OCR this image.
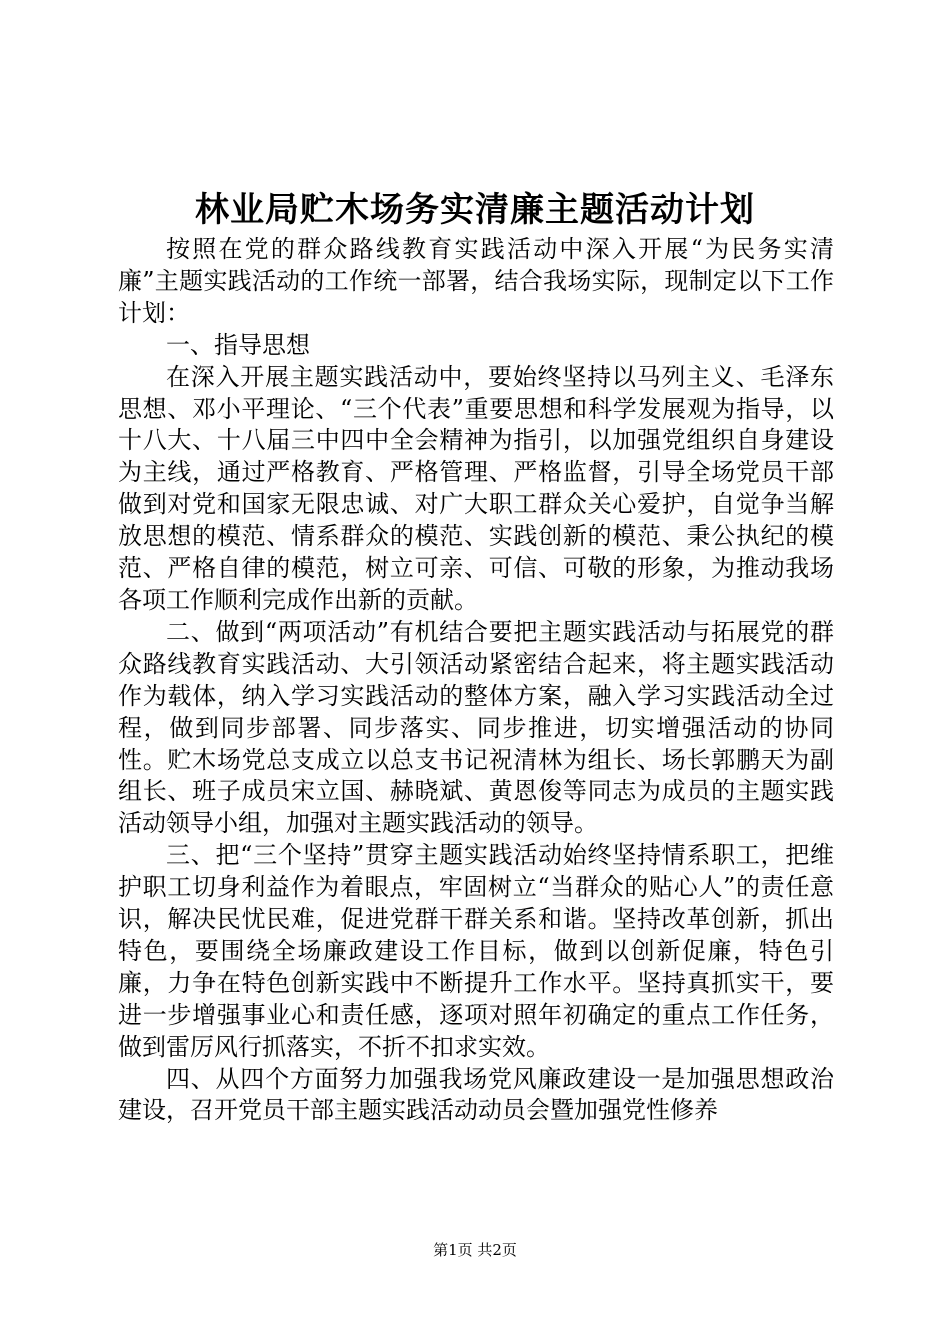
林业局贮木场务实清廉主题活动计划

按照在党的群众路线教育实践活动中深入开展“为民务实清廉”主题实践活动的工作统一部署，结合我场实际，现制定以下工作计划：

一、指导思想

在深入开展主题实践活动中，要始终坚持以马列主义、毛泽东思想、邓小平理论、“三个代表”重要思想和科学发展观为指导，以十八大、十八届三中四中全会精神为指引，以加强党组织自身建设为主线，通过严格教育、严格管理、严格监督，引导全场党员干部做到对党和国家无限忠诚、对广大职工群众关心爱护，自觉争当解放思想的模范、情系群众的模范、实践创新的模范、秉公执纪的模范、严格自律的模范，树立可亲、可信、可敬的形象，为推动我场各项工作顺利完成作出新的贡献。

二、做到“两项活动”有机结合要把主题实践活动与拓展党的群众路线教育实践活动、大引领活动紧密结合起来，将主题实践活动作为载体，纳入学习实践活动的整体方案，融入学习实践活动全过程，做到同步部署、同步落实、同步推进，切实增强活动的协同性。贮木场党总支成立以总支书记祝清林为组长、场长郭鹏天为副组长、班子成员宋立国、赫晓斌、黄恩俊等同志为成员的主题实践活动领导小组，加强对主题实践活动的领导。

三、把“三个坚持”贯穿主题实践活动始终坚持情系职工，把维护职工切身利益作为着眼点，牢固树立“当群众的贴心人”的责任意识，解决民忧民难，促进党群干群关系和谐。坚持改革创新，抓出特色，要围绕全场廉政建设工作目标，做到以创新促廉，特色引廉，力争在特色创新实践中不断提升工作水平。坚持真抓实干，要进一步增强事业心和责任感，逐项对照年初确定的重点工作任务，做到雷厉风行抓落实，不折不扣求实效。

四、从四个方面努力加强我场党风廉政建设一是加强思想政治建设，召开党员干部主题实践活动动员会暨加强党性修养

第1页 共2页
